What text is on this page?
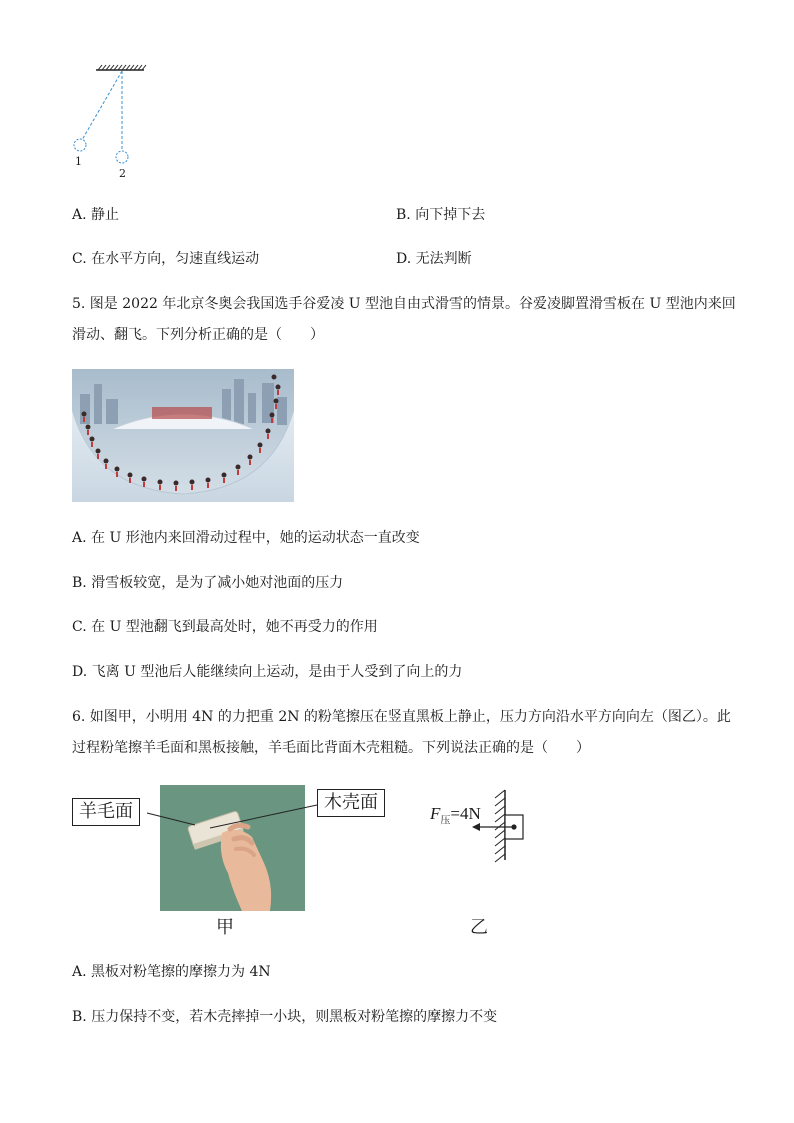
1
2
A. 静止	B. 向下掉下去
C. 在水平方向，匀速直线运动	D. 无法判断
5. 图是 2022 年北京冬奥会我国选手谷爱凌 U 型池自由式滑雪的情景。谷爱凌脚置滑雪板在 U 型池内来回
滑动、翻飞。下列分析正确的是（　　）
A. 在 U 形池内来回滑动过程中，她的运动状态一直改变
B. 滑雪板较宽，是为了减小她对池面的压力
C. 在 U 型池翻飞到最高处时，她不再受力的作用
D. 飞离 U 型池后人能继续向上运动，是由于人受到了向上的力
6. 如图甲，小明用 4N 的力把重 2N 的粉笔擦压在竖直黑板上静止，压力方向沿水平方向向左（图乙）。此
过程粉笔擦羊毛面和黑板接触，羊毛面比背面木壳粗糙。下列说法正确的是（　　）
羊毛面	木壳面
甲
$F_压=4N$
乙
A. 黑板对粉笔擦的摩擦力为 4N
B. 压力保持不变，若木壳摔掉一小块，则黑板对粉笔擦的摩擦力不变
